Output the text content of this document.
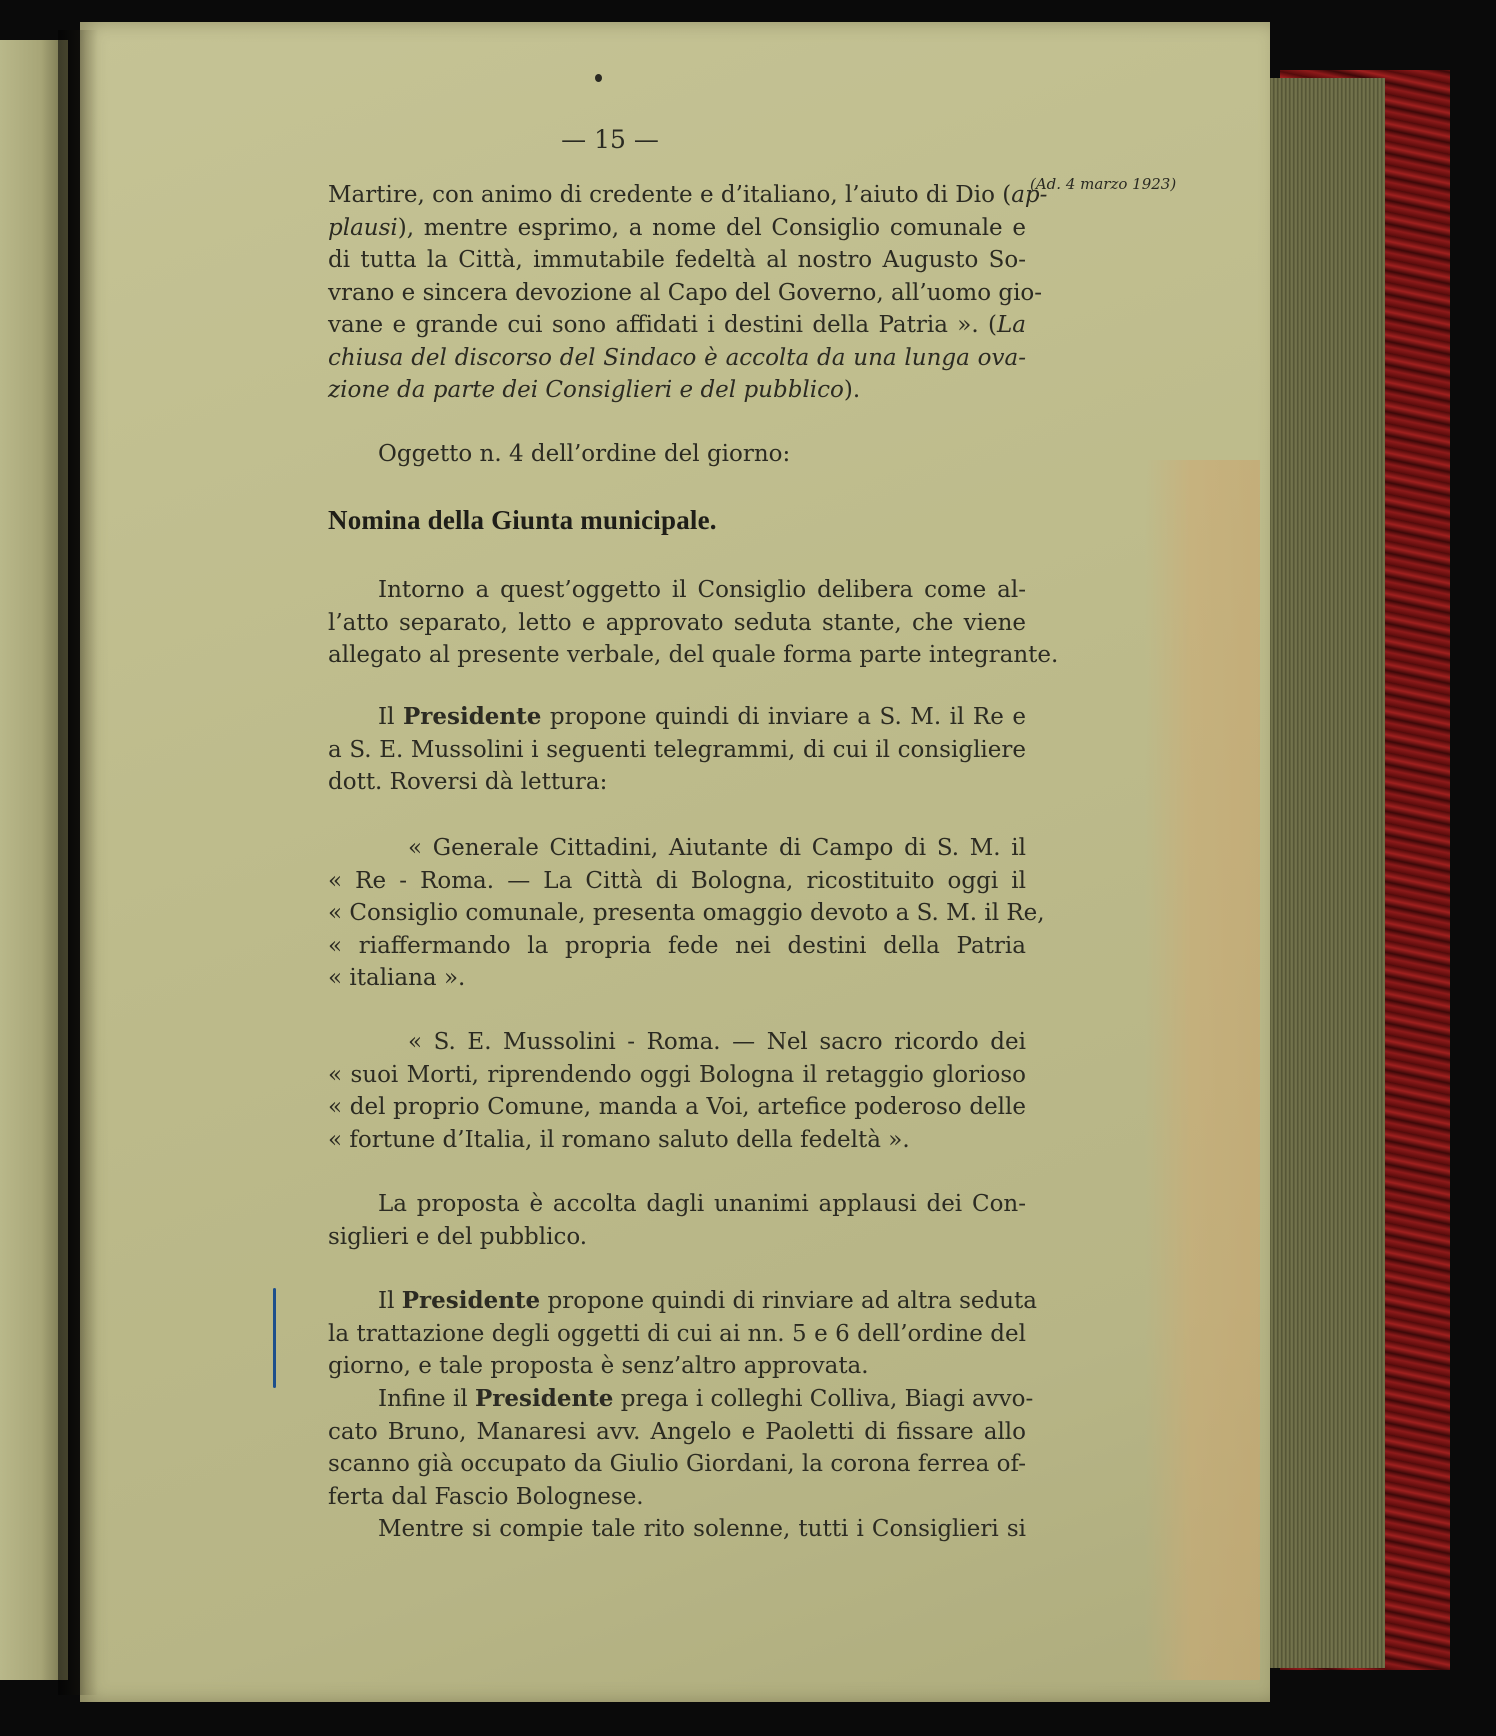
— 15 —
(Ad. 4 marzo 1923)
Martire, con animo di credente e d’italiano, l’aiuto di Dio (ap-
plausi), mentre esprimo, a nome del Consiglio comunale e
di tutta la Città, immutabile fedeltà al nostro Augusto So-
vrano e sincera devozione al Capo del Governo, all’uomo gio-
vane e grande cui sono affidati i destini della Patria ». (La
chiusa del discorso del Sindaco è accolta da una lunga ova-
zione da parte dei Consiglieri e del pubblico).
Oggetto n. 4 dell’ordine del giorno:
Nomina della Giunta municipale.
Intorno a quest’oggetto il Consiglio delibera come al-
l’atto separato, letto e approvato seduta stante, che viene
allegato al presente verbale, del quale forma parte integrante.
Il Presidente propone quindi di inviare a S. M. il Re e
a S. E. Mussolini i seguenti telegrammi, di cui il consigliere
dott. Roversi dà lettura:
« Generale Cittadini, Aiutante di Campo di S. M. il
« Re - Roma. — La Città di Bologna, ricostituito oggi il
« Consiglio comunale, presenta omaggio devoto a S. M. il Re,
« riaffermando la propria fede nei destini della Patria
« italiana ».
« S. E. Mussolini - Roma. — Nel sacro ricordo dei
« suoi Morti, riprendendo oggi Bologna il retaggio glorioso
« del proprio Comune, manda a Voi, artefice poderoso delle
« fortune d’Italia, il romano saluto della fedeltà ».
La proposta è accolta dagli unanimi applausi dei Con-
siglieri e del pubblico.
Il Presidente propone quindi di rinviare ad altra seduta
la trattazione degli oggetti di cui ai nn. 5 e 6 dell’ordine del
giorno, e tale proposta è senz’altro approvata.
Infine il Presidente prega i colleghi Colliva, Biagi avvo-
cato Bruno, Manaresi avv. Angelo e Paoletti di fissare allo
scanno già occupato da Giulio Giordani, la corona ferrea of-
ferta dal Fascio Bolognese.
Mentre si compie tale rito solenne, tutti i Consiglieri si
